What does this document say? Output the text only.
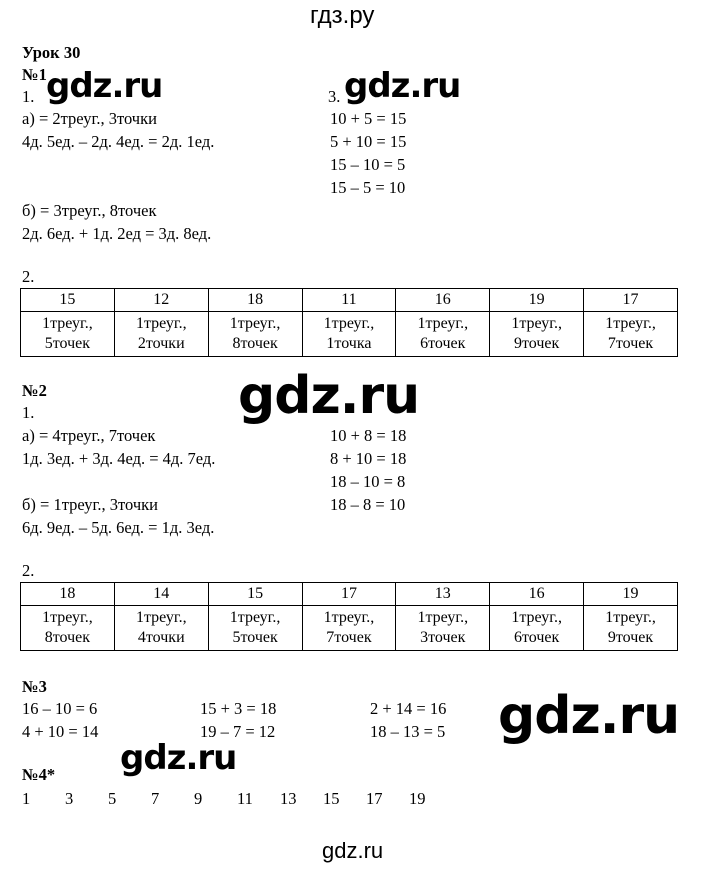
гдз.ру
gdz.ru
Урок 30
№1
1.	3.
а) = 2треуг., 3точки
4д. 5ед. – 2д. 4ед. = 2д. 1ед.
10 + 5 = 15
5 + 10 = 15
15 – 10 = 5
15 – 5 = 10
б) = 3треуг., 8точек
2д. 6ед. + 1д. 2ед = 3д. 8ед.
2.
15	12	18	11	16	19	17

1треуг.,
5точек	1треуг.,
2точки	1треуг.,
8точек	1треуг.,
1точка	1треуг.,
6точек	1треуг.,
9точек	1треуг.,
7точек
№2
1.
а) = 4треуг., 7точек
1д. 3ед. + 3д. 4ед. = 4д. 7ед.
10 + 8 = 18
8 + 10 = 18
18 – 10 = 8
18 – 8 = 10
б) = 1треуг., 3точки
6д. 9ед. – 5д. 6ед. = 1д. 3ед.
2.
18	14	15	17	13	16	19

1треуг.,
8точек	1треуг.,
4точки	1треуг.,
5точек	1треуг.,
7точек	1треуг.,
3точек	1треуг.,
6точек	1треуг.,
9точек
№3
16 – 10 = 6
4 + 10 = 14
15 + 3 = 18
19 – 7 = 12
2 + 14 = 16
18 – 13 = 5
№4*
1 3 5 7 9 11 13 15 17 19
gdz.ru	gdz.ru
gdz.ru
gdz.ru
gdz.ru
